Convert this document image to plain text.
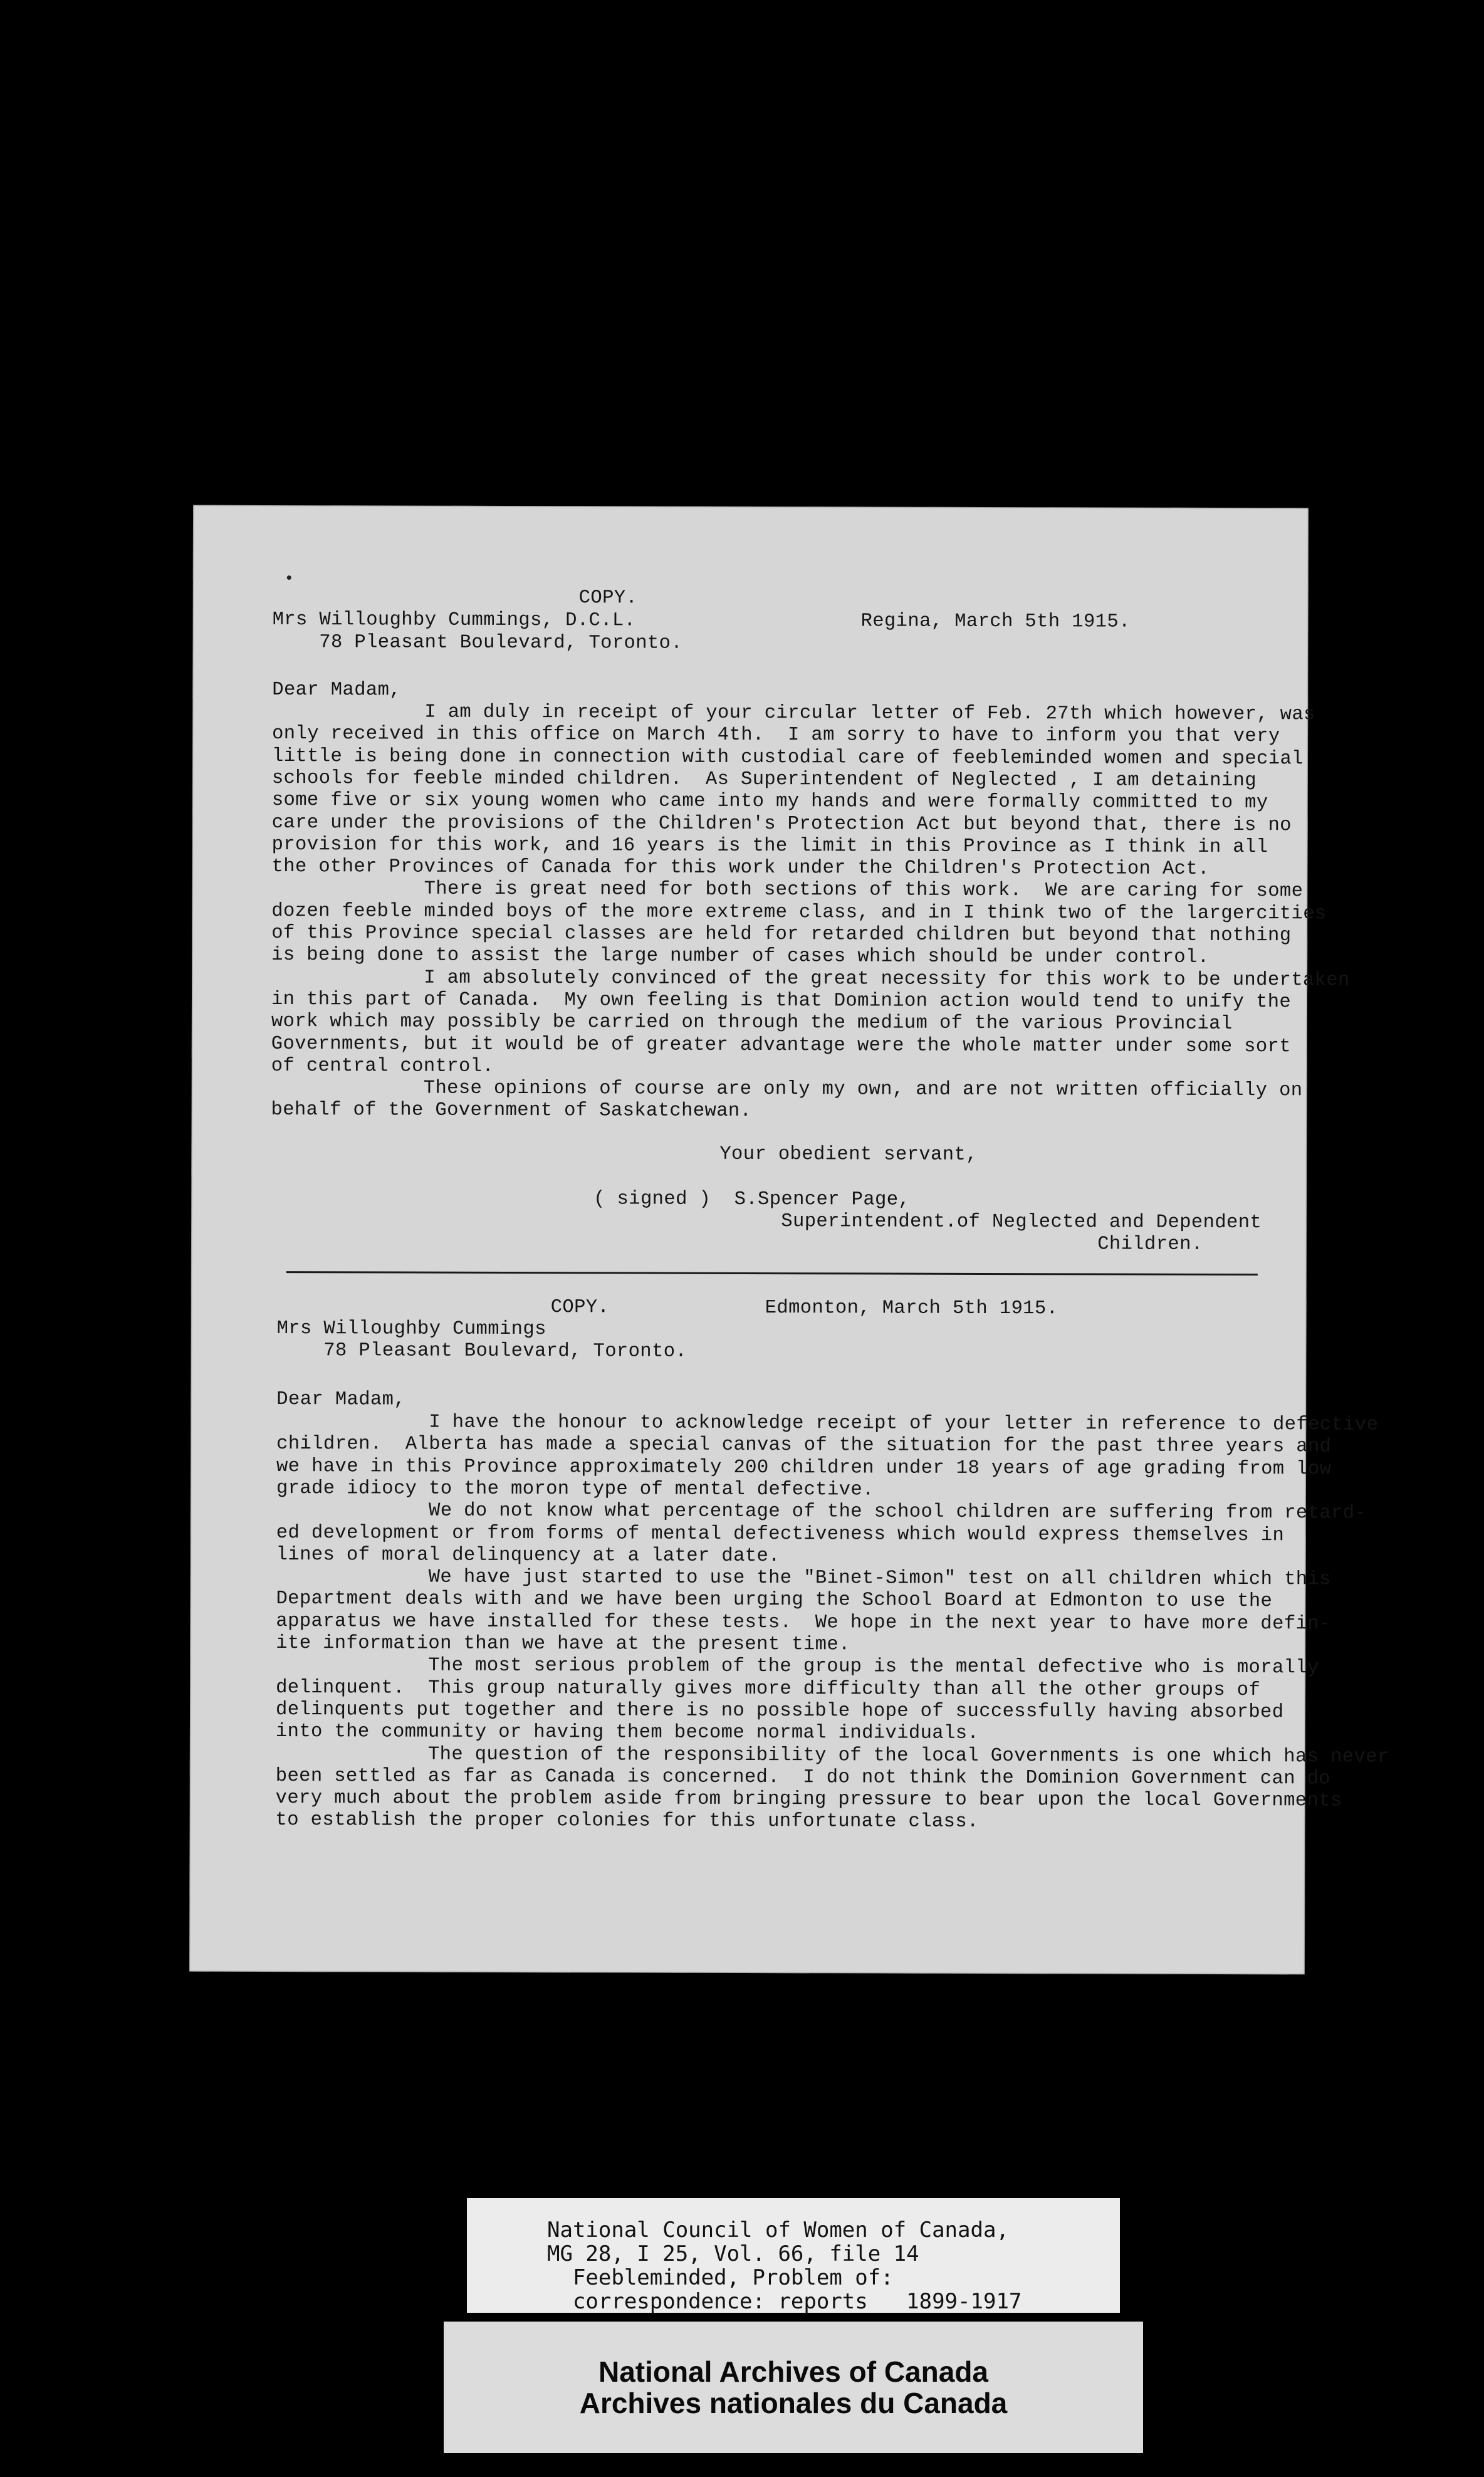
COPY.
Mrs Willoughby Cummings, D.C.L.	Regina, March 5th 1915.
78 Pleasant Boulevard, Toronto.
Dear Madam,
I am duly in receipt of your circular letter of Feb. 27th which however, was
only received in this office on March 4th.  I am sorry to have to inform you that very
little is being done in connection with custodial care of feebleminded women and special
schools for feeble minded children.  As Superintendent of Neglected , I am detaining
some five or six young women who came into my hands and were formally committed to my
care under the provisions of the Children's Protection Act but beyond that, there is no
provision for this work, and 16 years is the limit in this Province as I think in all
the other Provinces of Canada for this work under the Children's Protection Act.
There is great need for both sections of this work.  We are caring for some
dozen feeble minded boys of the more extreme class, and in I think two of the largercities
of this Province special classes are held for retarded children but beyond that nothing
is being done to assist the large number of cases which should be under control.
I am absolutely convinced of the great necessity for this work to be undertaken
in this part of Canada.  My own feeling is that Dominion action would tend to unify the
work which may possibly be carried on through the medium of the various Provincial
Governments, but it would be of greater advantage were the whole matter under some sort
of central control.
These opinions of course are only my own, and are not written officially on
behalf of the Government of Saskatchewan.
Your obedient servant,
( signed )  S.Spencer Page,
Superintendent.of Neglected and Dependent
Children.
COPY.	Edmonton, March 5th 1915.
Mrs Willoughby Cummings
78 Pleasant Boulevard, Toronto.
Dear Madam,
I have the honour to acknowledge receipt of your letter in reference to defective
children.  Alberta has made a special canvas of the situation for the past three years and
we have in this Province approximately 200 children under 18 years of age grading from low
grade idiocy to the moron type of mental defective.
We do not know what percentage of the school children are suffering from retard-
ed development or from forms of mental defectiveness which would express themselves in
lines of moral delinquency at a later date.
We have just started to use the "Binet-Simon" test on all children which this
Department deals with and we have been urging the School Board at Edmonton to use the
apparatus we have installed for these tests.  We hope in the next year to have more defin-
ite information than we have at the present time.
The most serious problem of the group is the mental defective who is morally
delinquent.  This group naturally gives more difficulty than all the other groups of
delinquents put together and there is no possible hope of successfully having absorbed
into the community or having them become normal individuals.
The question of the responsibility of the local Governments is one which has never
been settled as far as Canada is concerned.  I do not think the Dominion Government can do
very much about the problem aside from bringing pressure to bear upon the local Governments
to establish the proper colonies for this unfortunate class.
National Council of Women of Canada,
MG 28, I 25, Vol. 66, file 14
Feebleminded, Problem of:
correspondence: reports   1899-1917
National Archives of Canada
Archives nationales du Canada
